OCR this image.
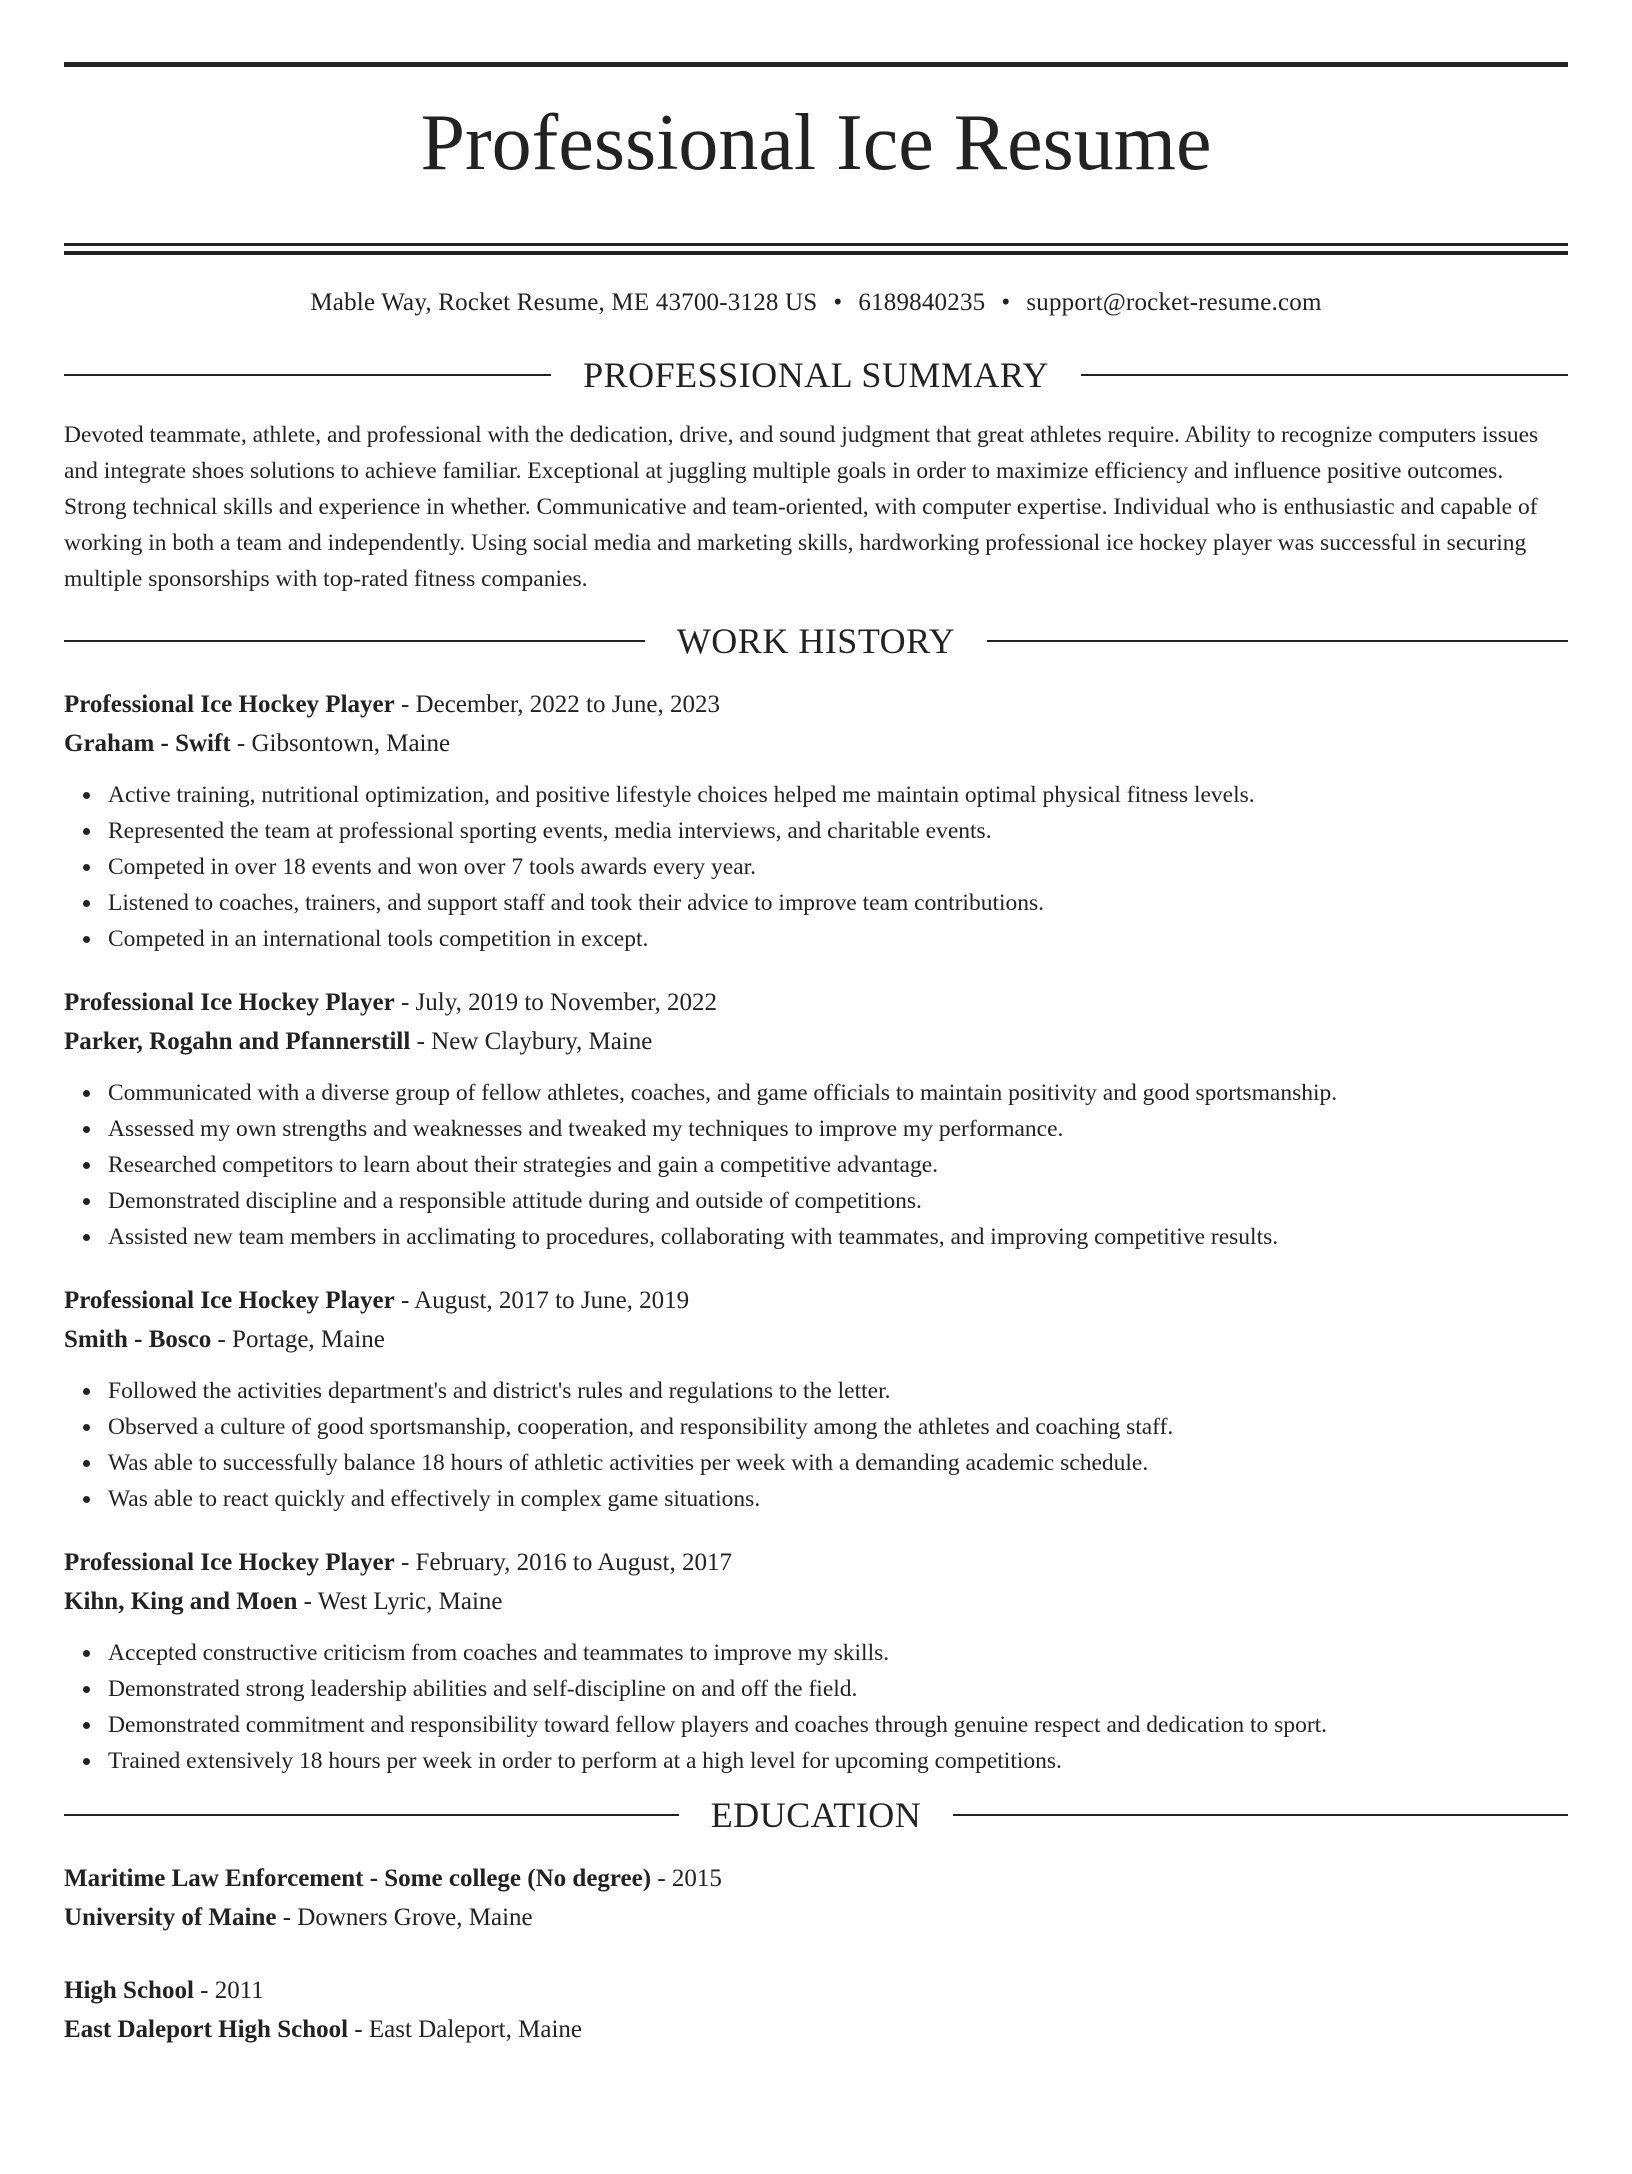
Professional Ice Resume
Mable Way, Rocket Resume, ME 43700-3128 US • 6189840235 • support@rocket-resume.com
PROFESSIONAL SUMMARY

Devoted teammate, athlete, and professional with the dedication, drive, and sound judgment that great athletes require. Ability to recognize computers issues and integrate shoes solutions to achieve familiar. Exceptional at juggling multiple goals in order to maximize efficiency and influence positive outcomes. Strong technical skills and experience in whether. Communicative and team-oriented, with computer expertise. Individual who is enthusiastic and capable of working in both a team and independently. Using social media and marketing skills, hardworking professional ice hockey player was successful in securing multiple sponsorships with top-rated fitness companies.

WORK HISTORY
Professional Ice Hockey Player - December, 2022 to June, 2023
Graham - Swift - Gibsontown, Maine
Active training, nutritional optimization, and positive lifestyle choices helped me maintain optimal physical fitness levels.
Represented the team at professional sporting events, media interviews, and charitable events.
Competed in over 18 events and won over 7 tools awards every year.
Listened to coaches, trainers, and support staff and took their advice to improve team contributions.
Competed in an international tools competition in except.
Professional Ice Hockey Player - July, 2019 to November, 2022
Parker, Rogahn and Pfannerstill - New Claybury, Maine
Communicated with a diverse group of fellow athletes, coaches, and game officials to maintain positivity and good sportsmanship.
Assessed my own strengths and weaknesses and tweaked my techniques to improve my performance.
Researched competitors to learn about their strategies and gain a competitive advantage.
Demonstrated discipline and a responsible attitude during and outside of competitions.
Assisted new team members in acclimating to procedures, collaborating with teammates, and improving competitive results.
Professional Ice Hockey Player - August, 2017 to June, 2019
Smith - Bosco - Portage, Maine
Followed the activities department's and district's rules and regulations to the letter.
Observed a culture of good sportsmanship, cooperation, and responsibility among the athletes and coaching staff.
Was able to successfully balance 18 hours of athletic activities per week with a demanding academic schedule.
Was able to react quickly and effectively in complex game situations.
Professional Ice Hockey Player - February, 2016 to August, 2017
Kihn, King and Moen - West Lyric, Maine
Accepted constructive criticism from coaches and teammates to improve my skills.
Demonstrated strong leadership abilities and self-discipline on and off the field.
Demonstrated commitment and responsibility toward fellow players and coaches through genuine respect and dedication to sport.
Trained extensively 18 hours per week in order to perform at a high level for upcoming competitions.
EDUCATION
Maritime Law Enforcement - Some college (No degree) - 2015
University of Maine - Downers Grove, Maine
High School - 2011
East Daleport High School - East Daleport, Maine
